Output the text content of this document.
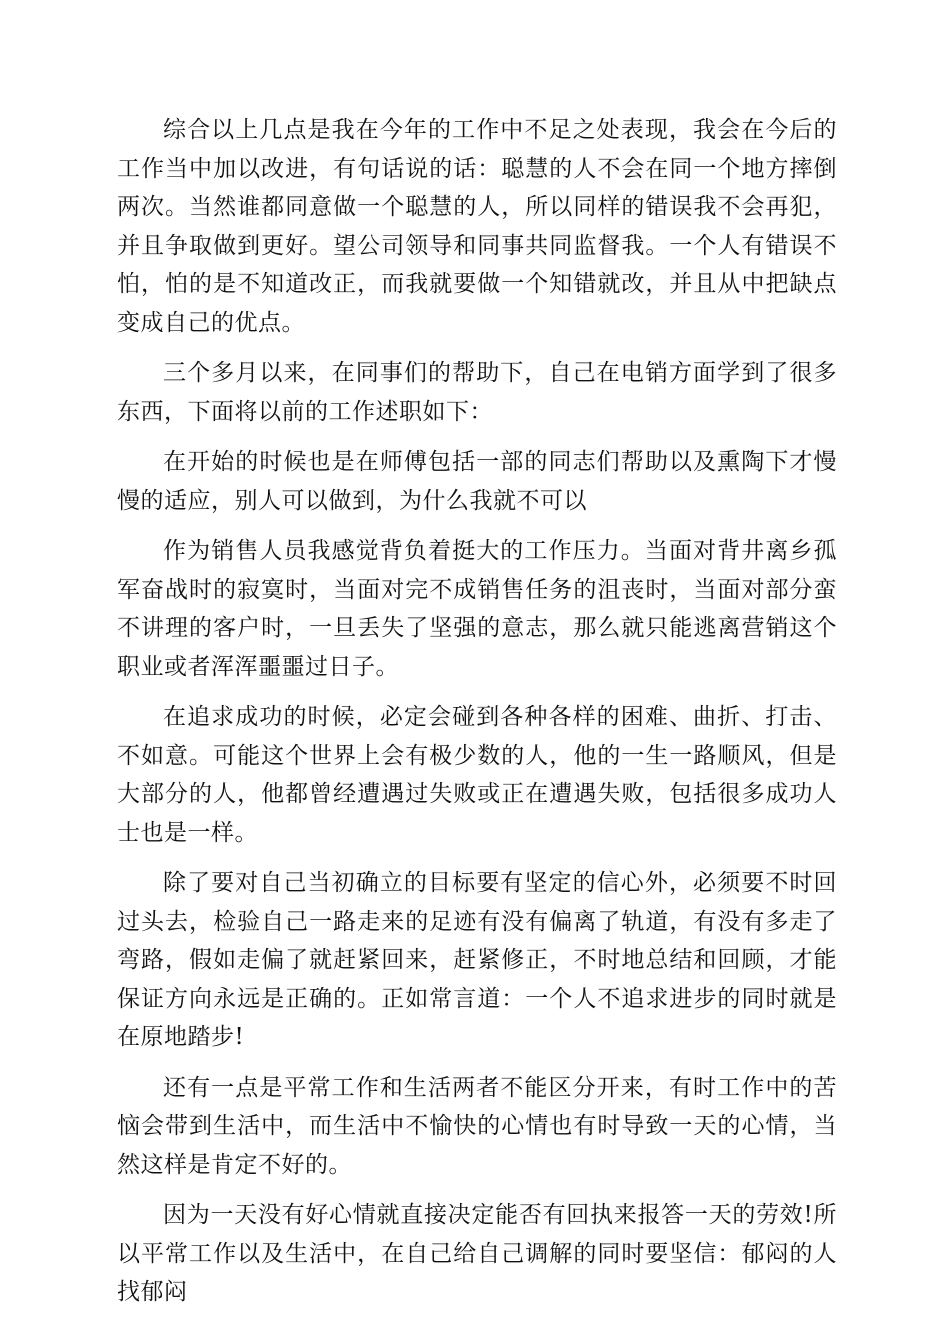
综合以上几点是我在今年的工作中不足之处表现，我会在今后的工作当中加以改进，有句话说的话：聪慧的人不会在同一个地方摔倒两次。当然谁都同意做一个聪慧的人，所以同样的错误我不会再犯，并且争取做到更好。望公司领导和同事共同监督我。一个人有错误不怕，怕的是不知道改正，而我就要做一个知错就改，并且从中把缺点变成自己的优点。

三个多月以来，在同事们的帮助下，自己在电销方面学到了很多东西，下面将以前的工作述职如下：

在开始的时候也是在师傅包括一部的同志们帮助以及熏陶下才慢慢的适应，别人可以做到，为什么我就不可以

作为销售人员我感觉背负着挺大的工作压力。当面对背井离乡孤军奋战时的寂寞时，当面对完不成销售任务的沮丧时，当面对部分蛮不讲理的客户时，一旦丢失了坚强的意志，那么就只能逃离营销这个职业或者浑浑噩噩过日子。

在追求成功的时候，必定会碰到各种各样的困难、曲折、打击、不如意。可能这个世界上会有极少数的人，他的一生一路顺风，但是大部分的人，他都曾经遭遇过失败或正在遭遇失败，包括很多成功人士也是一样。

除了要对自己当初确立的目标要有坚定的信心外，必须要不时回过头去，检验自己一路走来的足迹有没有偏离了轨道，有没有多走了弯路，假如走偏了就赶紧回来，赶紧修正，不时地总结和回顾，才能保证方向永远是正确的。正如常言道：一个人不追求进步的同时就是在原地踏步!

还有一点是平常工作和生活两者不能区分开来，有时工作中的苦恼会带到生活中，而生活中不愉快的心情也有时导致一天的心情，当然这样是肯定不好的。

因为一天没有好心情就直接决定能否有回执来报答一天的劳效!所以平常工作以及生活中，在自己给自己调解的同时要坚信：郁闷的人找郁闷
